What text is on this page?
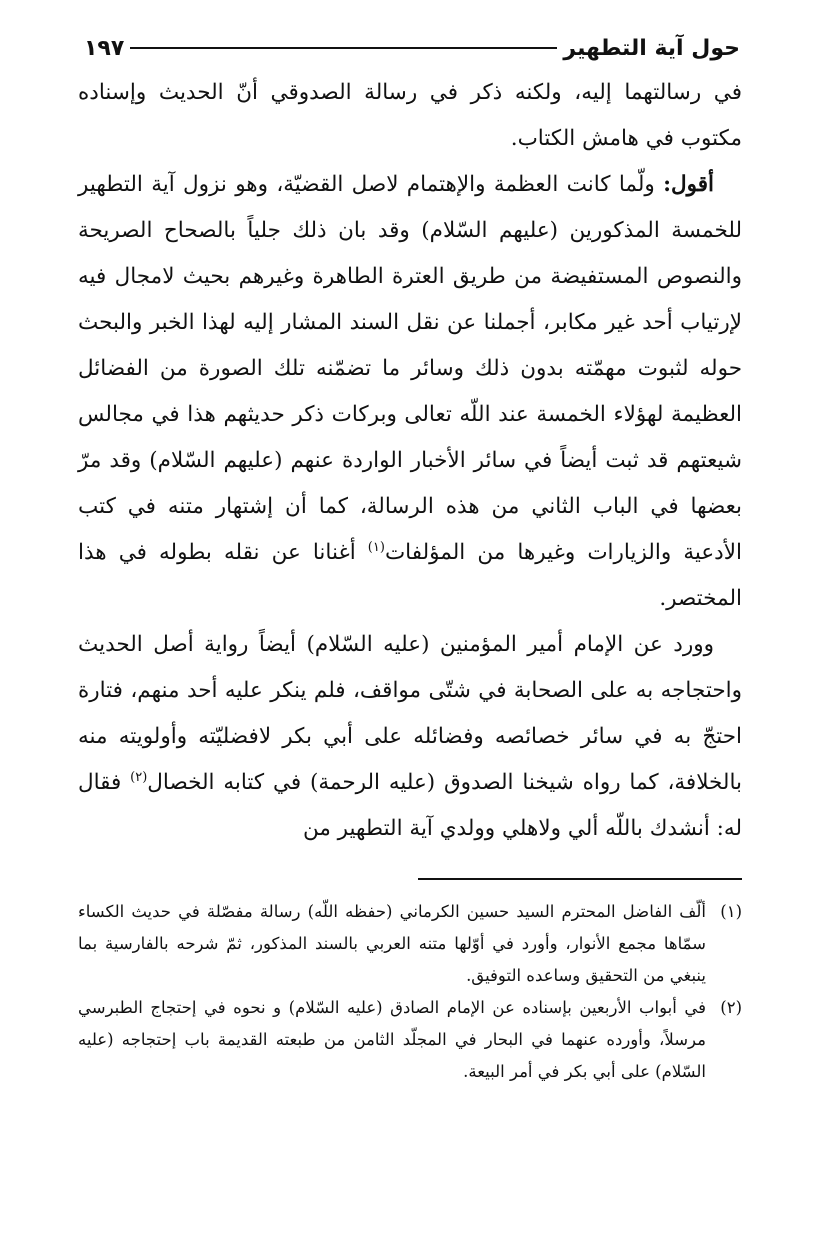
حول آية التطهير
١٩٧

في رسالتهما إليه، ولكنه ذكر في رسالة الصدوقي أنّ الحديث وإسناده مكتوب في هامش الكتاب.

أقول: ولّما كانت العظمة والإهتمام لاصل القضيّة، وهو نزول آية التطهير للخمسة المذكورين (عليهم السّلام) وقد بان ذلك جلياً بالصحاح الصريحة والنصوص المستفيضة من طريق العترة الطاهرة وغيرهم بحيث لامجال فيه لإرتياب أحد غير مكابر، أجملنا عن نقل السند المشار إليه لهذا الخبر والبحث حوله لثبوت مهمّته بدون ذلك وسائر ما تضمّنه تلك الصورة من الفضائل العظيمة لهؤلاء الخمسة عند اللّه تعالى وبركات ذكر حديثهم هذا في مجالس شيعتهم قد ثبت أيضاً في سائر الأخبار الواردة عنهم (عليهم السّلام) وقد مرّ بعضها في الباب الثاني من هذه الرسالة، كما أن إشتهار متنه في كتب الأدعية والزيارات وغيرها من المؤلفات$^{(١)}$ أغنانا عن نقله بطوله في هذا المختصر.

وورد عن الإمام أمير المؤمنين (عليه السّلام) أيضاً رواية أصل الحديث واحتجاجه به على الصحابة في شتّى مواقف، فلم ينكر عليه أحد منهم، فتارة احتجّ به في سائر خصائصه وفضائله على أبي بكر لافضليّته وأولويته منه بالخلافة، كما رواه شيخنا الصدوق (عليه الرحمة) في كتابه الخصال$^{(٢)}$ فقال له: أنشدك باللّه ألي ولاهلي وولدي آية التطهير من

(١)
ألّف الفاضل المحترم السيد حسين الكرماني (حفظه اللّه) رسالة مفصّلة في حديث الكساء سمّاها مجمع الأنوار، وأورد في أوّلها متنه العربي بالسند المذكور، ثمّ شرحه بالفارسية بما ينبغي من التحقيق وساعده التوفيق.
(٢)
في أبواب الأربعين بإسناده عن الإمام الصادق (عليه السّلام) و نحوه في إحتجاج الطبرسي مرسلاً، وأورده عنهما في البحار في المجلّد الثامن من طبعته القديمة باب إحتجاجه (عليه السّلام) على أبي بكر في أمر البيعة.
